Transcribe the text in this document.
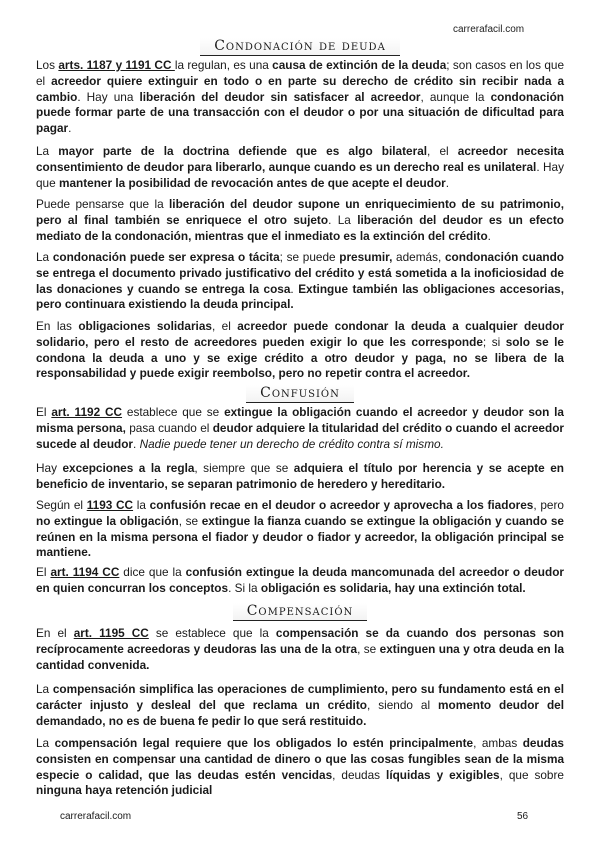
carrerafacil.com
Condonación de deuda
Los arts. 1187 y 1191 CC la regulan, es una causa de extinción de la deuda; son casos en los que el acreedor quiere extinguir en todo o en parte su derecho de crédito sin recibir nada a cambio. Hay una liberación del deudor sin satisfacer al acreedor, aunque la condonación puede formar parte de una transacción con el deudor o por una situación de dificultad para pagar.
La mayor parte de la doctrina defiende que es algo bilateral, el acreedor necesita consentimiento de deudor para liberarlo, aunque cuando es un derecho real es unilateral. Hay que mantener la posibilidad de revocación antes de que acepte el deudor.
Puede pensarse que la liberación del deudor supone un enriquecimiento de su patrimonio, pero al final también se enriquece el otro sujeto. La liberación del deudor es un efecto mediato de la condonación, mientras que el inmediato es la extinción del crédito.
La condonación puede ser expresa o tácita; se puede presumir, además, condonación cuando se entrega el documento privado justificativo del crédito y está sometida a la inoficiosidad de las donaciones y cuando se entrega la cosa. Extingue también las obligaciones accesorias, pero continuara existiendo la deuda principal.
En las obligaciones solidarias, el acreedor puede condonar la deuda a cualquier deudor solidario, pero el resto de acreedores pueden exigir lo que les corresponde; si solo se le condona la deuda a uno y se exige crédito a otro deudor y paga, no se libera de la responsabilidad y puede exigir reembolso, pero no repetir contra el acreedor.
Confusión
El art. 1192 CC establece que se extingue la obligación cuando el acreedor y deudor son la misma persona, pasa cuando el deudor adquiere la titularidad del crédito o cuando el acreedor sucede al deudor. Nadie puede tener un derecho de crédito contra sí mismo.
Hay excepciones a la regla, siempre que se adquiera el título por herencia y se acepte en beneficio de inventario, se separan patrimonio de heredero y hereditario.
Según el 1193 CC la confusión recae en el deudor o acreedor y aprovecha a los fiadores, pero no extingue la obligación, se extingue la fianza cuando se extingue la obligación y cuando se reúnen en la misma persona el fiador y deudor o fiador y acreedor, la obligación principal se mantiene.
El art. 1194 CC dice que la confusión extingue la deuda mancomunada del acreedor o deudor en quien concurran los conceptos. Si la obligación es solidaria, hay una extinción total.
Compensación
En el art. 1195 CC se establece que la compensación se da cuando dos personas son recíprocamente acreedoras y deudoras las una de la otra, se extinguen una y otra deuda en la cantidad convenida.
La compensación simplifica las operaciones de cumplimiento, pero su fundamento está en el carácter injusto y desleal del que reclama un crédito, siendo al momento deudor del demandado, no es de buena fe pedir lo que será restituido.
La compensación legal requiere que los obligados lo estén principalmente, ambas deudas consisten en compensar una cantidad de dinero o que las cosas fungibles sean de la misma especie o calidad, que las deudas estén vencidas, deudas líquidas y exigibles, que sobre ninguna haya retención judicial
carrerafacil.com	56
